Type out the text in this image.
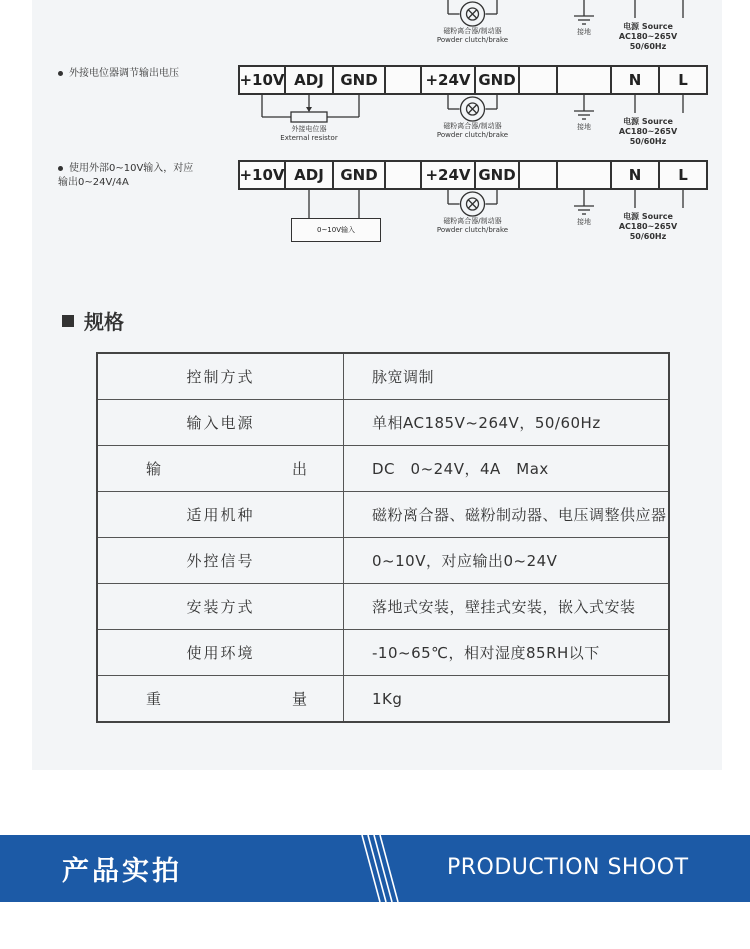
磁粉离合器/制动器
Powder clutch/brake
接地
电源 Source
AC180~265V
50/60Hz
外接电位器调节输出电压	+10V ADJ	GND	+24V GND	N	L
磁粉离合器/制动器
Powder clutch/brake
接地
电源 Source
AC180~265V
50/60Hz
外接电位器
External resistor
使用外部0~10V输入，对应
输出0~24V/4A	+10V ADJ	GND	+24V GND	N	L
磁粉离合器/制动器
Powder clutch/brake
接地
电源 Source
AC180~265V
50/60Hz
0~10V输入
规格
控制方式	脉宽调制
输入电源	单相AC185V~264V，50/60Hz
输　　出	DC　0~24V，4A　Max
适用机种	磁粉离合器、磁粉制动器、电压调整供应器
外控信号	0~10V，对应输出0~24V
安装方式	落地式安装，壁挂式安装，嵌入式安装
使用环境	-10~65℃，相对湿度85RH以下
重　　量	1Kg
产品实拍	PRODUCTION SHOOT
